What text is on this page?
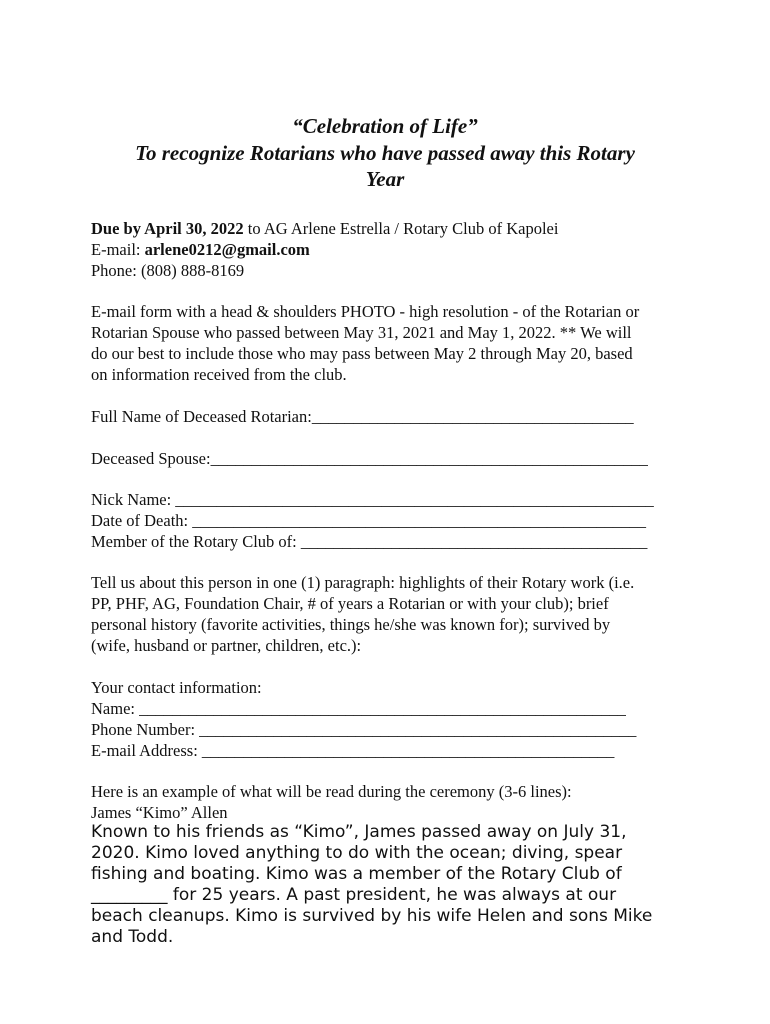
“Celebration of Life”
To recognize Rotarians who have passed away this Rotary
Year
Due by April 30, 2022 to AG Arlene Estrella / Rotary Club of Kapolei
E-mail: arlene0212@gmail.com
Phone: (808) 888-8169
E-mail form with a head & shoulders PHOTO - high resolution - of the Rotarian or
Rotarian Spouse who passed between May 31, 2021 and May 1, 2022. ** We will
do our best to include those who may pass between May 2 through May 20, based
on information received from the club.
Full Name of Deceased Rotarian:_______________________________________
Deceased Spouse:_____________________________________________________
Nick Name: __________________________________________________________
Date of Death: _______________________________________________________
Member of the Rotary Club of: __________________________________________
Tell us about this person in one (1) paragraph: highlights of their Rotary work (i.e.
PP, PHF, AG, Foundation Chair, # of years a Rotarian or with your club); brief
personal history (favorite activities, things he/she was known for); survived by
(wife, husband or partner, children, etc.):
Your contact information:
Name: ___________________________________________________________
Phone Number: _____________________________________________________
E-mail Address: __________________________________________________
Here is an example of what will be read during the ceremony (3-6 lines):
James “Kimo” Allen
Known to his friends as “Kimo”, James passed away on July 31,
2020. Kimo loved anything to do with the ocean; diving, spear
fishing and boating. Kimo was a member of the Rotary Club of
_________ for 25 years. A past president, he was always at our
beach cleanups. Kimo is survived by his wife Helen and sons Mike
and Todd.
